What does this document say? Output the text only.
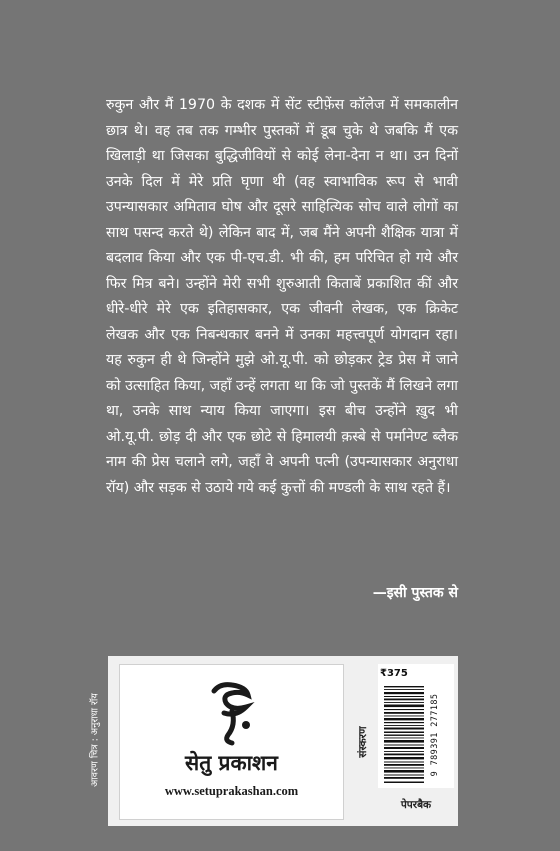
रुकुन और मैं 1970 के दशक में सेंट स्टीफ़ेंस कॉलेज में समकालीन छात्र थे। वह तब तक गम्भीर पुस्तकों में डूब चुके थे जबकि मैं एक खिलाड़ी था जिसका बुद्धिजीवियों से कोई लेना-देना न था। उन दिनों उनके दिल में मेरे प्रति घृणा थी (वह स्वाभाविक रूप से भावी उपन्यासकार अमिताव घोष और दूसरे साहित्यिक सोच वाले लोगों का साथ पसन्द करते थे) लेकिन बाद में, जब मैंने अपनी शैक्षिक यात्रा में बदलाव किया और एक पी-एच.डी. भी की, हम परिचित हो गये और फिर मित्र बने। उन्होंने मेरी सभी शुरुआती किताबें प्रकाशित कीं और धीरे-धीरे मेरे एक इतिहासकार, एक जीवनी लेखक, एक क्रिकेट लेखक और एक निबन्धकार बनने में उनका महत्त्वपूर्ण योगदान रहा। यह रुकुन ही थे जिन्होंने मुझे ओ.यू.पी. को छोड़कर ट्रेड प्रेस में जाने को उत्साहित किया, जहाँ उन्हें लगता था कि जो पुस्तकें मैं लिखने लगा था, उनके साथ न्याय किया जाएगा। इस बीच उन्होंने ख़ुद भी ओ.यू.पी. छोड़ दी और एक छोटे से हिमालयी क़स्बे से पर्मानेण्ट ब्लैक नाम की प्रेस चलाने लगे, जहाँ वे अपनी पत्नी (उपन्यासकार अनुराधा रॉय) और सड़क से उठाये गये कई कुत्तों की मण्डली के साथ रहते हैं।

—इसी पुस्तक से

आवरण चित्र : अनुराधा रॉय	सेतु प्रकाशन
www.setuprakashan.com
संस्करण
₹375
9 789391 277185
पेपरबैक
